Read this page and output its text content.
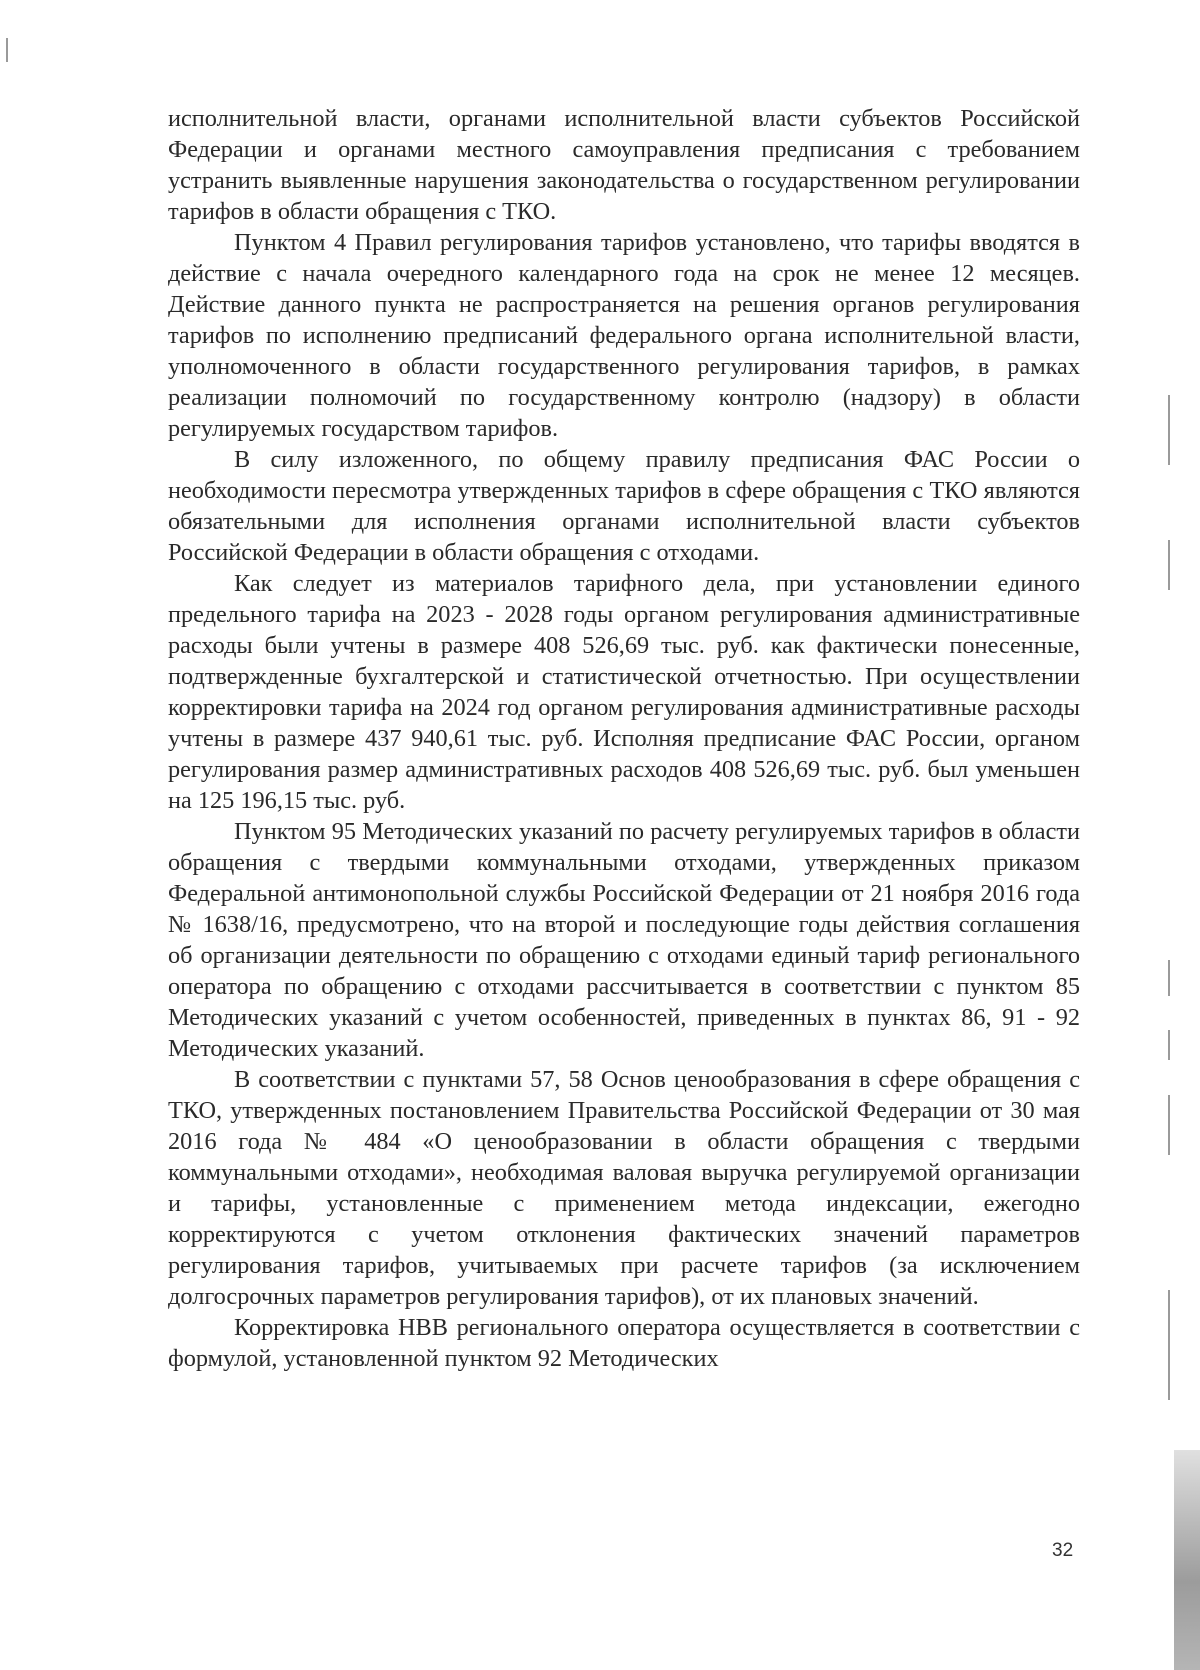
исполнительной власти, органами исполнительной власти субъектов Российской Федерации и органами местного самоуправления предписания с требованием устранить выявленные нарушения законодательства о государственном регулировании тарифов в области обращения с ТКО.

Пунктом 4 Правил регулирования тарифов установлено, что тарифы вводятся в действие с начала очередного календарного года на срок не менее 12 месяцев. Действие данного пункта не распространяется на решения органов регулирования тарифов по исполнению предписаний федерального органа исполнительной власти, уполномоченного в области государственного регулирования тарифов, в рамках реализации полномочий по государственному контролю (надзору) в области регулируемых государством тарифов.

В силу изложенного, по общему правилу предписания ФАС России о необходимости пересмотра утвержденных тарифов в сфере обращения с ТКО являются обязательными для исполнения органами исполнительной власти субъектов Российской Федерации в области обращения с отходами.

Как следует из материалов тарифного дела, при установлении единого предельного тарифа на 2023 - 2028 годы органом регулирования административные расходы были учтены в размере 408 526,69 тыс. руб. как фактически понесенные, подтвержденные бухгалтерской и статистической отчетностью. При осуществлении корректировки тарифа на 2024 год органом регулирования административные расходы учтены в размере 437 940,61 тыс. руб. Исполняя предписание ФАС России, органом регулирования размер административных расходов 408 526,69 тыс. руб. был уменьшен на 125 196,15 тыс. руб.

Пунктом 95 Методических указаний по расчету регулируемых тарифов в области обращения с твердыми коммунальными отходами, утвержденных приказом Федеральной антимонопольной службы Российской Федерации от 21 ноября 2016 года № 1638/16, предусмотрено, что на второй и последующие годы действия соглашения об организации деятельности по обращению с отходами единый тариф регионального оператора по обращению с отходами рассчитывается в соответствии с пунктом 85 Методических указаний с учетом особенностей, приведенных в пунктах 86, 91 - 92 Методических указаний.

В соответствии с пунктами 57, 58 Основ ценообразования в сфере обращения с ТКО, утвержденных постановлением Правительства Российской Федерации от 30 мая 2016 года № 484 «О ценообразовании в области обращения с твердыми коммунальными отходами», необходимая валовая выручка регулируемой организации и тарифы, установленные с применением метода индексации, ежегодно корректируются с учетом отклонения фактических значений параметров регулирования тарифов, учитываемых при расчете тарифов (за исключением долгосрочных параметров регулирования тарифов), от их плановых значений.

Корректировка НВВ регионального оператора осуществляется в соответствии с формулой, установленной пунктом 92 Методических

32
